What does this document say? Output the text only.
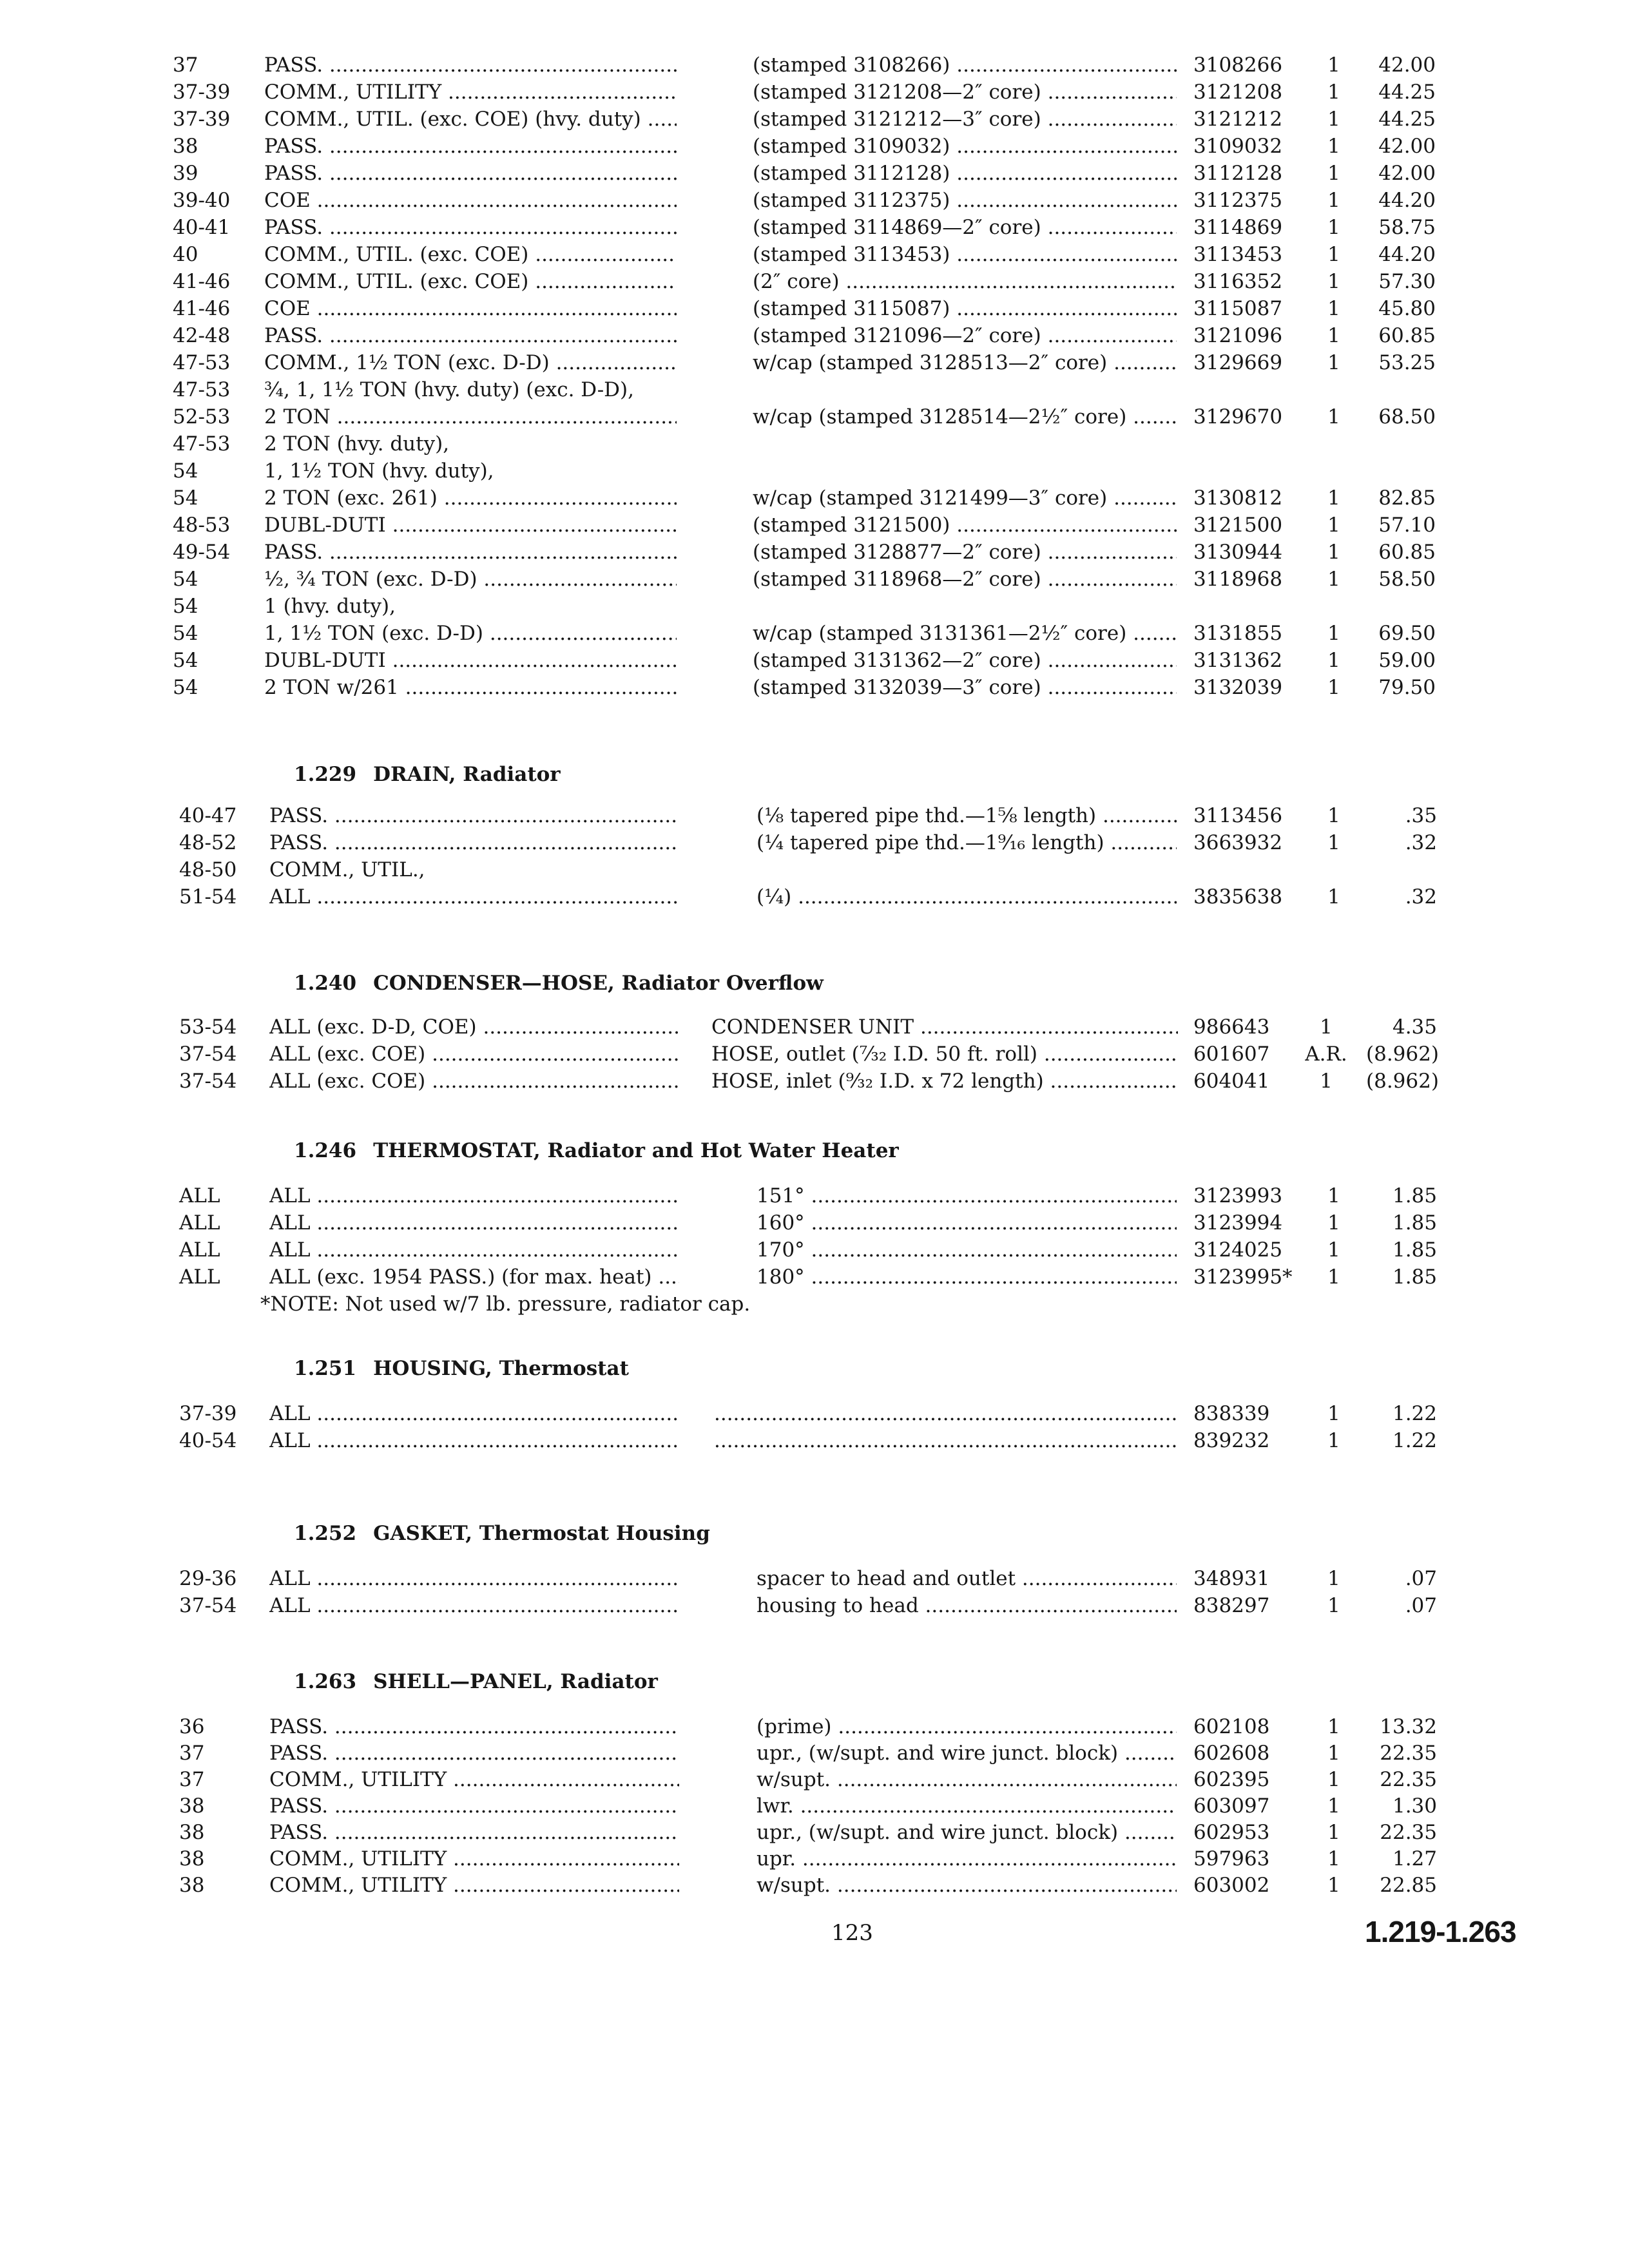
37	PASS. .....	(stamped 3108266) .....	3108266	1	42.00
37-39 COMM., UTILITY .....	(stamped 3121208—2″ core) .....	3121208	1	44.25
37-39 COMM., UTIL. (exc. COE) (hvy. duty) .....	(stamped 3121212—3″ core) .....	3121212	1	44.25
38	PASS. .....	(stamped 3109032) .....	3109032	1	42.00
39	PASS. .....	(stamped 3112128) .....	3112128	1	42.00
39-40 COE .....	(stamped 3112375) .....	3112375	1	44.20
40-41 PASS. .....	(stamped 3114869—2″ core) .....	3114869	1	58.75
40	COMM., UTIL. (exc. COE) .....	(stamped 3113453) .....	3113453	1	44.20
41-46 COMM., UTIL. (exc. COE) .....	(2″ core) .....	3116352	1	57.30
41-46 COE .....	(stamped 3115087) .....	3115087	1	45.80
42-48 PASS. .....	(stamped 3121096—2″ core) .....	3121096	1	60.85
47-53 COMM., 1½ TON (exc. D-D) .....	w/cap (stamped 3128513—2″ core) .....	3129669	1	53.25
47-53 ¾, 1, 1½ TON (hvy. duty) (exc. D-D),
52-53 2 TON .....	w/cap (stamped 3128514—2½″ core) .....	3129670	1	68.50
47-53 2 TON (hvy. duty),
54	1, 1½ TON (hvy. duty),
54	2 TON (exc. 261) .....	w/cap (stamped 3121499—3″ core) .....	3130812	1	82.85
48-53 DUBL-DUTI .....	(stamped 3121500) .....	3121500	1	57.10
49-54 PASS. .....	(stamped 3128877—2″ core) .....	3130944	1	60.85
54	½, ¾ TON (exc. D-D) .....	(stamped 3118968—2″ core) .....	3118968	1	58.50
54	1 (hvy. duty),
54	1, 1½ TON (exc. D-D) .....	w/cap (stamped 3131361—2½″ core) .....	3131855	1	69.50
54	DUBL-DUTI .....	(stamped 3131362—2″ core) .....	3131362	1	59.00
54	2 TON w/261 .....	(stamped 3132039—3″ core) .....	3132039	1	79.50
1.229 DRAIN, Radiator
40-47 PASS. .....	(⅛ tapered pipe thd.—1⅝ length) .....	3113456	1	.35
48-52 PASS. .....	(¼ tapered pipe thd.—1⁹⁄₁₆ length) .....	3663932	1	.32
48-50 COMM., UTIL.,
51-54 ALL .....	(¼) .....	3835638	1	.32
1.240 CONDENSER—HOSE, Radiator Overflow
53-54 ALL (exc. D-D, COE) .....	CONDENSER UNIT .....	986643	1	4.35
37-54 ALL (exc. COE) .....	HOSE, outlet (⁷⁄₃₂ I.D. 50 ft. roll) .....	601607 A.R. (8.962)
37-54 ALL (exc. COE) .....	HOSE, inlet (⁹⁄₃₂ I.D. x 72 length) .....	604041	1	(8.962)
1.246 THERMOSTAT, Radiator and Hot Water Heater
ALL ALL .....	151° .....	3123993	1	1.85
ALL ALL .....	160° .....	3123994	1	1.85
ALL ALL .....	170° .....	3124025	1	1.85
ALL ALL (exc. 1954 PASS.) (for max. heat) .....	180° .....	3123995*	1	1.85
*NOTE: Not used w/7 lb. pressure, radiator cap.
1.251 HOUSING, Thermostat
37-39 ALL ..... .....	838339	1	1.22
40-54 ALL ..... .....	839232	1	1.22
1.252 GASKET, Thermostat Housing
29-36 ALL .....	spacer to head and outlet .....	348931	1	.07
37-54 ALL .....	housing to head .....	838297	1	.07
1.263 SHELL—PANEL, Radiator
36	PASS. .....	(prime) .....	602108	1	13.32
37	PASS. .....	upr., (w/supt. and wire junct. block) .....	602608	1	22.35
37	COMM., UTILITY .....	w/supt. .....	602395	1	22.35
38	PASS. .....	lwr. .....	603097	1	1.30
38	PASS. .....	upr., (w/supt. and wire junct. block) .....	602953	1	22.35
38	COMM., UTILITY .....	upr. .....	597963	1	1.27
38	COMM., UTILITY .....	w/supt. .....	603002	1	22.85
123	1.219-1.263
